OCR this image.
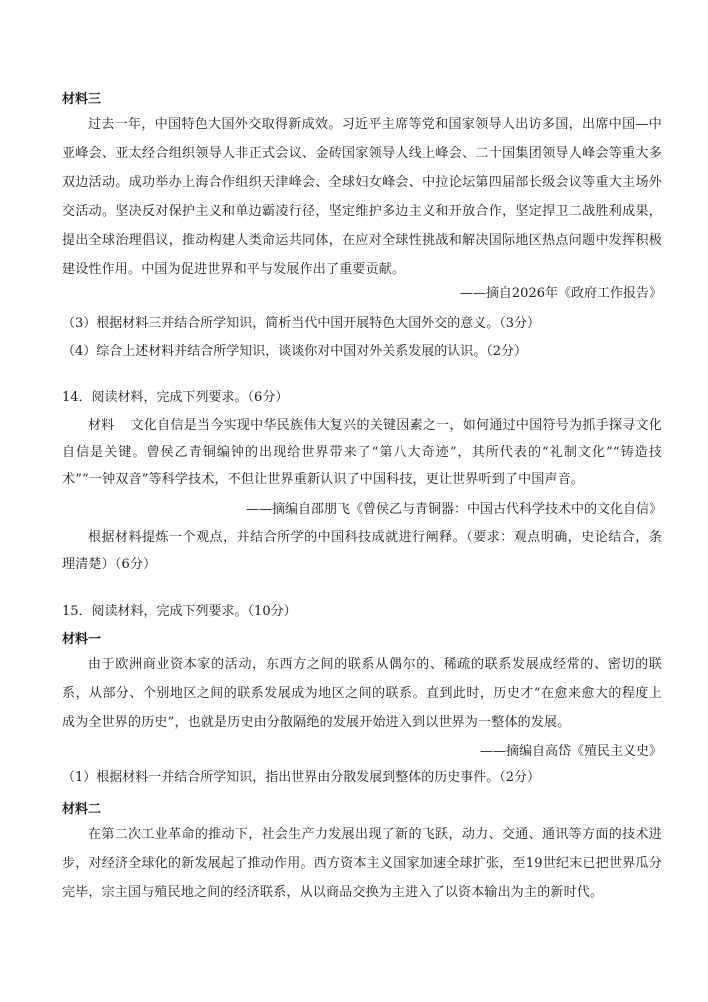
材料三
过去一年，中国特色大国外交取得新成效。习近平主席等党和国家领导人出访多国，出席中国—中亚峰会、亚太经合组织领导人非正式会议、金砖国家领导人线上峰会、二十国集团领导人峰会等重大多双边活动。成功举办上海合作组织天津峰会、全球妇女峰会、中拉论坛第四届部长级会议等重大主场外交活动。坚决反对保护主义和单边霸凌行径，坚定维护多边主义和开放合作，坚定捍卫二战胜利成果，提出全球治理倡议，推动构建人类命运共同体，在应对全球性挑战和解决国际地区热点问题中发挥积极建设性作用。中国为促进世界和平与发展作出了重要贡献。
——摘自2026年《政府工作报告》
（3）根据材料三并结合所学知识，简析当代中国开展特色大国外交的意义。（3分）
（4）综合上述材料并结合所学知识，谈谈你对中国对外关系发展的认识。（2分）
14．阅读材料，完成下列要求。（6分）
材料 文化自信是当今实现中华民族伟大复兴的关键因素之一，如何通过中国符号为抓手探寻文化自信是关键。曾侯乙青铜编钟的出现给世界带来了“第八大奇迹”，其所代表的“礼制文化”“铸造技术”“一钟双音”等科学技术，不但让世界重新认识了中国科技，更让世界听到了中国声音。
——摘编自邵朋飞《曾侯乙与青铜器：中国古代科学技术中的文化自信》
根据材料提炼一个观点，并结合所学的中国科技成就进行阐释。（要求：观点明确，史论结合，条理清楚）（6分）
15．阅读材料，完成下列要求。（10分）
材料一
由于欧洲商业资本家的活动，东西方之间的联系从偶尔的、稀疏的联系发展成经常的、密切的联系，从部分、个别地区之间的联系发展成为地区之间的联系。直到此时，历史才“在愈来愈大的程度上成为全世界的历史”，也就是历史由分散隔绝的发展开始进入到以世界为一整体的发展。
——摘编自高岱《殖民主义史》
（1）根据材料一并结合所学知识，指出世界由分散发展到整体的历史事件。（2分）
材料二
在第二次工业革命的推动下，社会生产力发展出现了新的飞跃，动力、交通、通讯等方面的技术进步，对经济全球化的新发展起了推动作用。西方资本主义国家加速全球扩张，至19世纪末已把世界瓜分完毕，宗主国与殖民地之间的经济联系，从以商品交换为主进入了以资本输出为主的新时代。
